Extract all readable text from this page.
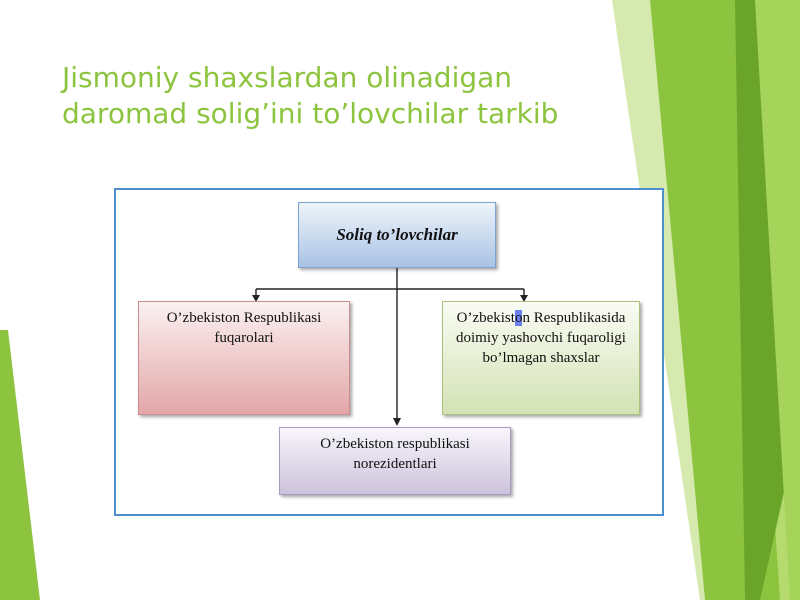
Jismoniy shaxslardan olinadigan daromad solig’ini to’lovchilar tarkib
Soliq to’lovchilar
O’zbekiston Respublikasi fuqarolari
O’zbekiston Respublikasida doimiy yashovchi fuqaroligi bo’lmagan shaxslar
O’zbekiston respublikasi norezidentlari
